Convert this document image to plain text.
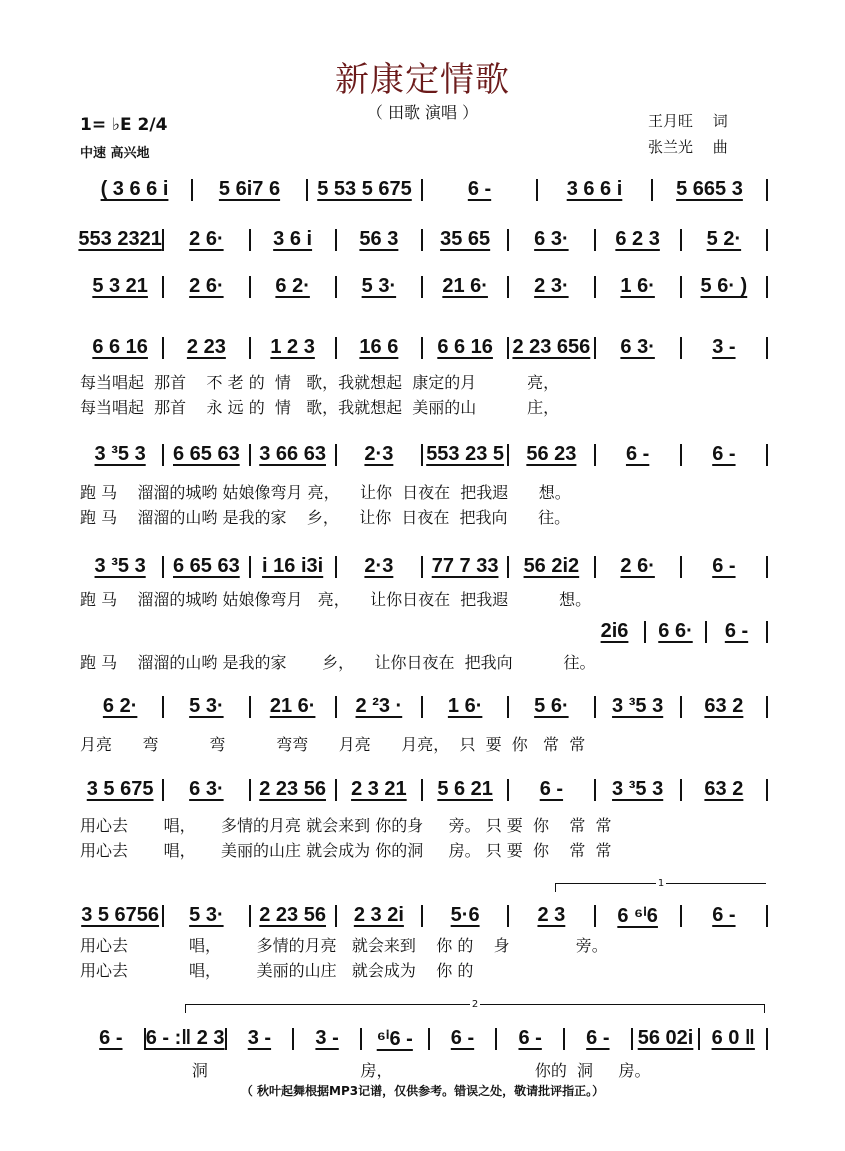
新康定情歌
（ 田歌 演唱 ）
1= ♭E 2/4
中速 高兴地
王月旺　 词
张兰光　 曲
1
2
( 3 6 6 i	5 6i7 6	5 53 5 675	6 -	3 6 6 i	5 665 3
553 2321	2 6·	3 6 i	56 3	35 65	6 3·	6 2 3	5 2·
5 3 21	2 6·	6 2·	5 3·	21 6·	2 3·	1 6·	5 6· )
6 6 16	2 23	1 2 3	16 6	6 6 16 2 23 656	6 3·	3 -
每当唱起  那首    不 老 的  情   歌，我就想起  康定的月          亮，
每当唱起  那首    永 远 的  情   歌，我就想起  美丽的山          庄，
3 ³5 3	6 65 63 3 66 63	2·3	553 23 5	56 23	6 -	6 -
跑 马    溜溜的城哟 姑娘像弯月 亮，    让你  日夜在  把我遐      想。
跑 马    溜溜的山哟 是我的家    乡，    让你  日夜在  把我向      往。
3 ³5 3	6 65 63	i 16 i3i	2·3	77 7 33	56 2i2	2 6·	6 -
跑 马    溜溜的城哟 姑娘像弯月   亮，    让你日夜在  把我遐          想。
2i6	6 6·	6 -
跑 马    溜溜的山哟 是我的家       乡，    让你日夜在  把我向          往。
6 2·	5 3·	21 6·	2 ²3 ·	1 6·	5 6·	3 ³5 3	63 2
月亮      弯          弯          弯弯      月亮      月亮，  只  要  你   常  常
3 5 675	6 3·	2 23 56	2 3 21	5 6 21	6 -	3 ³5 3	63 2
用心去       唱，     多情的月亮 就会来到 你的身     旁。 只 要  你    常  常
用心去       唱，     美丽的山庄 就会成为 你的洞     房。 只 要  你    常  常
3 5 6756	5 3·	2 23 56	2 3 2i	5·6	2 3	6 ⁶ⁱ6	6 -
用心去            唱，       多情的月亮   就会来到    你 的    身             旁。
用心去            唱，       美丽的山庄   就会成为    你 的
6 -	6 - :‖ 2 3	3 -	3 -	⁶ⁱ6 -	6 -	6 -	6 -	56 02i 6 0 ‖
洞                              房，                            你的  洞     房。
（ 秋叶起舞根据MP3记谱，仅供参考。错误之处，敬请批评指正。）
